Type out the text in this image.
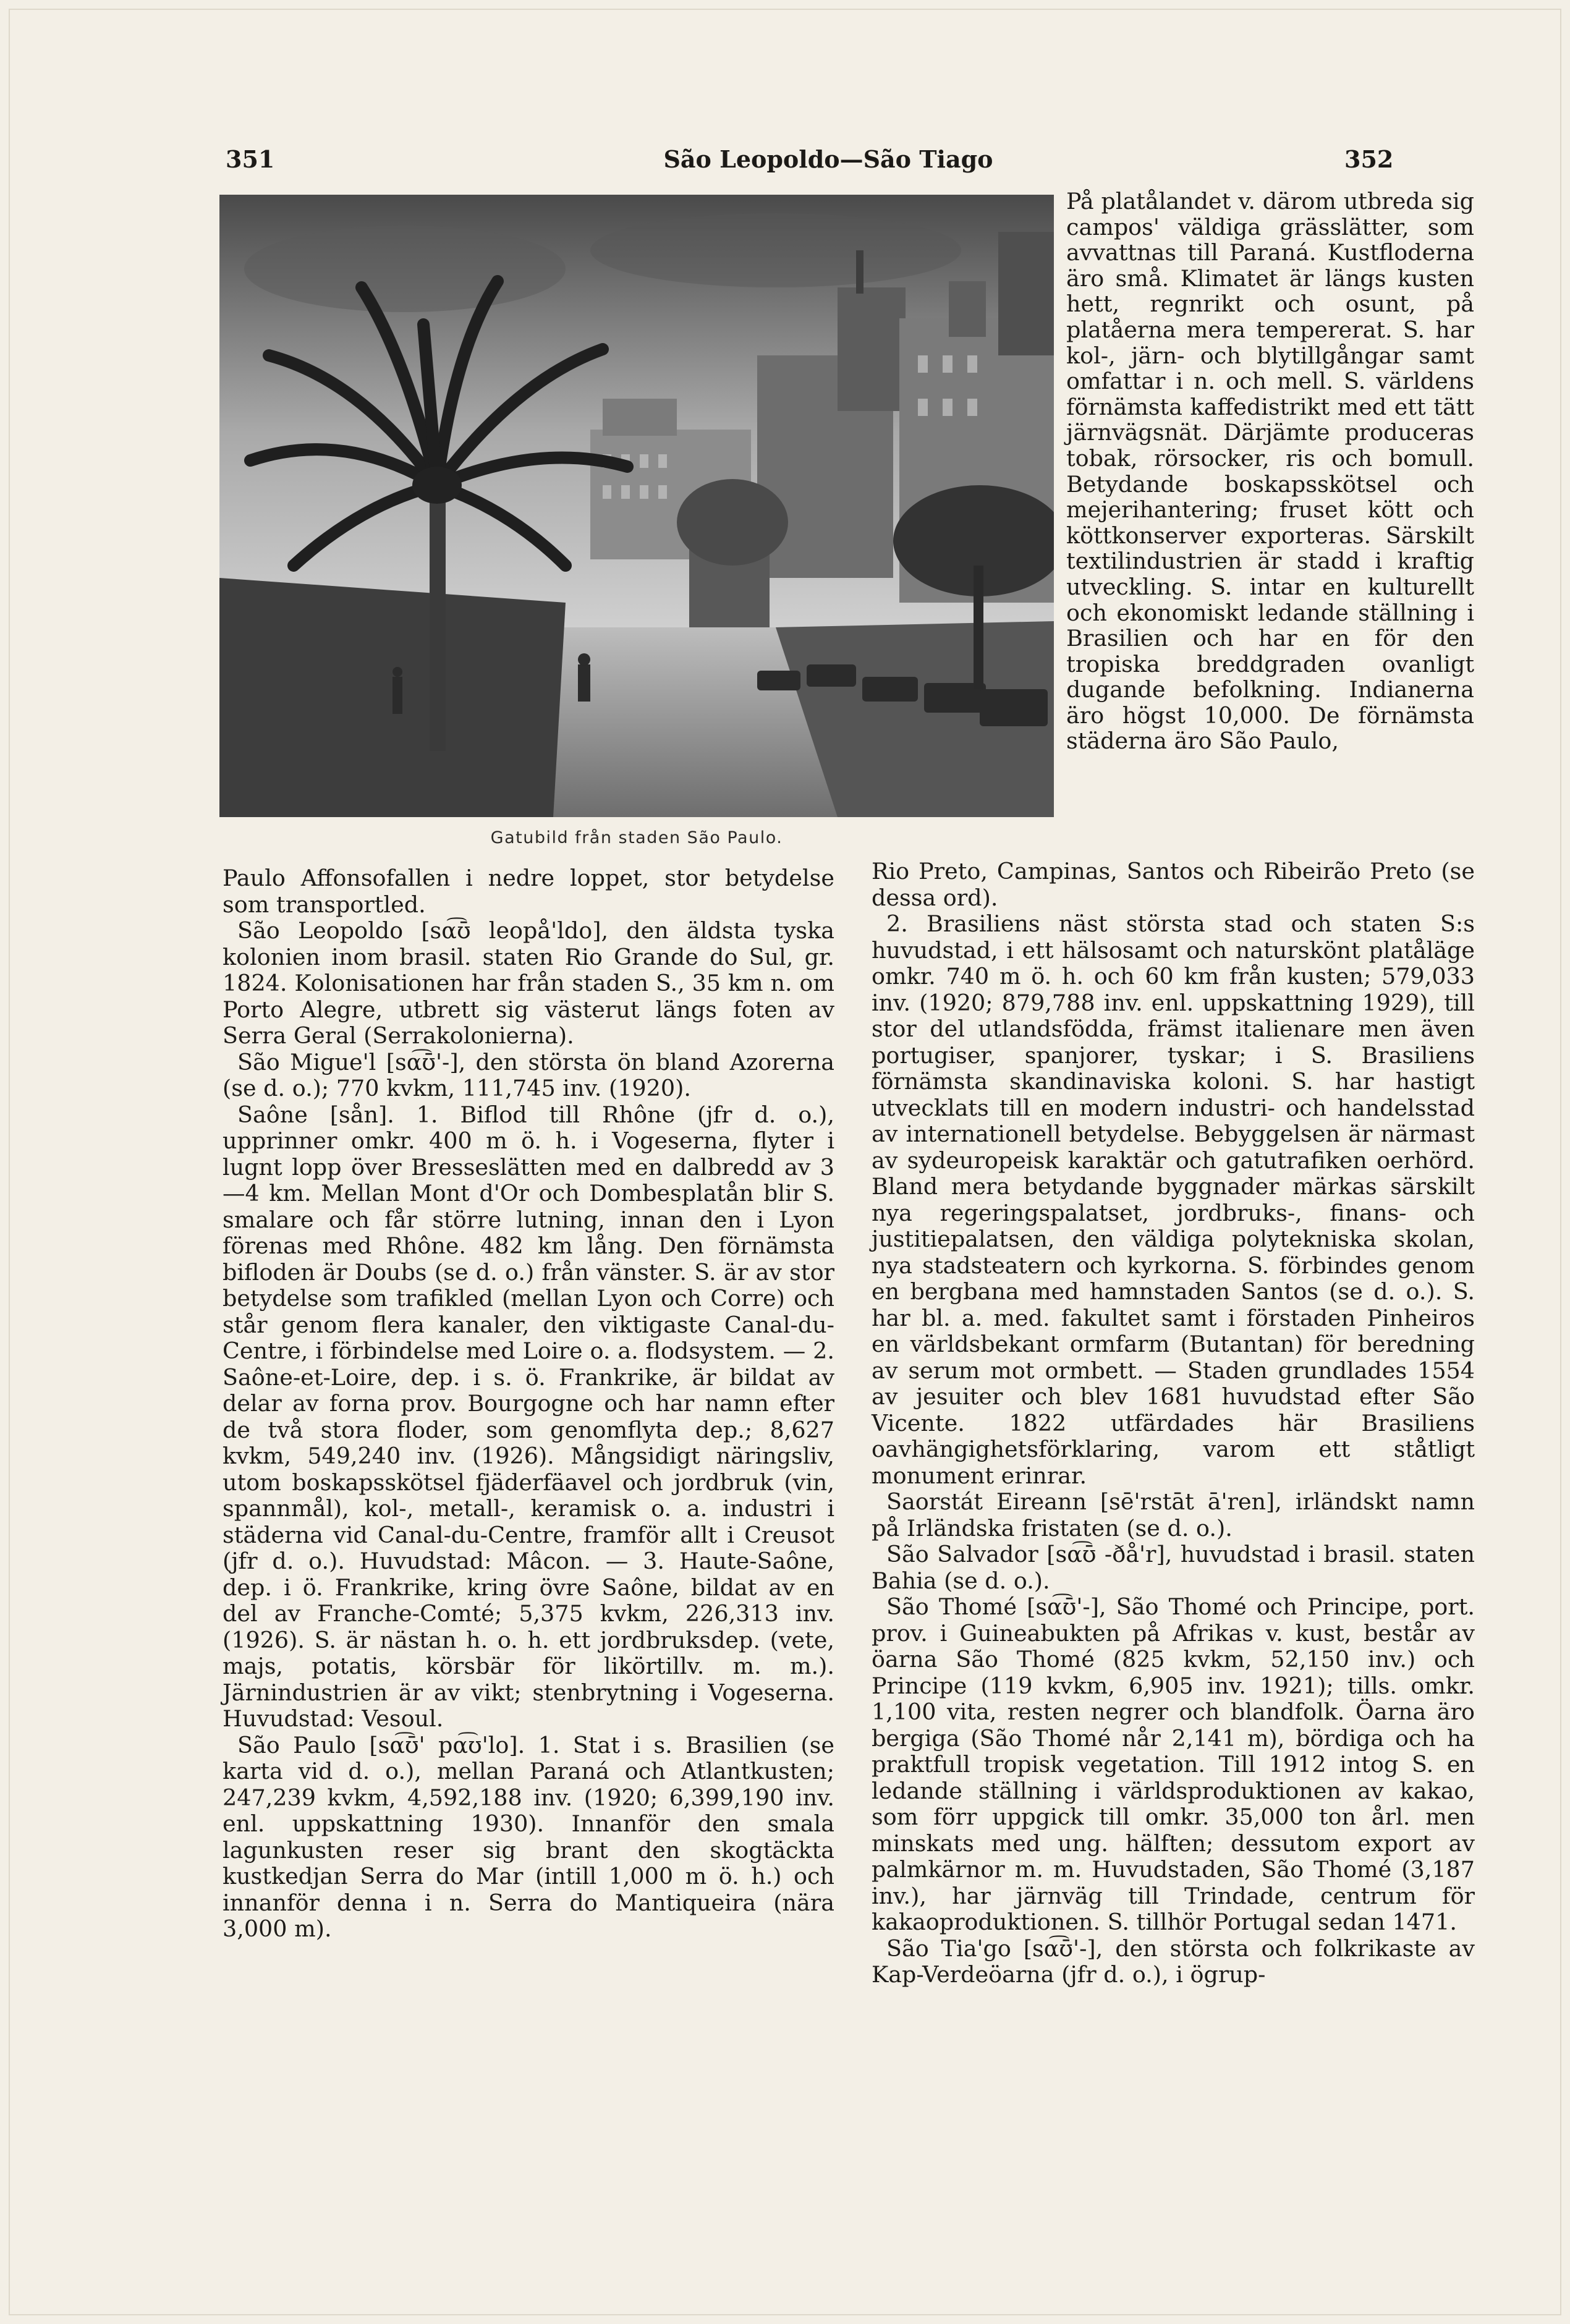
351	São Leopoldo—São Tiago	352
Gatubild från staden São Paulo.

På platålandet v. därom utbreda sig campos' väldiga grässlätter, som avvattnas till Paraná. Kustfloderna äro små. Klimatet är längs kusten hett, regnrikt och osunt, på platåerna mera tempererat. S. har kol-, järn- och blytillgångar samt omfattar i n. och mell. S. världens förnämsta kaffedistrikt med ett tätt järnvägsnät. Därjämte produceras tobak, rörsocker, ris och bomull. Betydande boskapsskötsel och mejerihantering; fruset kött och köttkonserver exporteras. Särskilt textilindustrien är stadd i kraftig utveckling. S. intar en kulturellt och ekonomiskt ledande ställning i Brasilien och har en för den tropiska breddgraden ovanligt dugande befolkning. Indianerna äro högst 10,000. De förnämsta städerna äro São Paulo,

Paulo Affonsofallen i nedre loppet, stor betydelse som transportled.

São Leopoldo [sα͡ʊ̄ leopå'ldo], den äldsta tyska kolonien inom brasil. staten Rio Grande do Sul, gr. 1824. Kolonisationen har från staden S., 35 km n. om Porto Alegre, utbrett sig västerut längs foten av Serra Geral (Serrakolonierna).

São Migue'l [sα͡ʊ̄'-], den största ön bland Azorerna (se d. o.); 770 kvkm, 111,745 inv. (1920).

Saône [sån]. 1. Biflod till Rhône (jfr d. o.), upprinner omkr. 400 m ö. h. i Vogeserna, flyter i lugnt lopp över Bresseslätten med en dalbredd av 3—4 km. Mellan Mont d'Or och Dombesplatån blir S. smalare och får större lutning, innan den i Lyon förenas med Rhône. 482 km lång. Den förnämsta bifloden är Doubs (se d. o.) från vänster. S. är av stor betydelse som trafikled (mellan Lyon och Corre) och står genom flera kanaler, den viktigaste Canal-du-Centre, i förbindelse med Loire o. a. flodsystem. — 2. Saône-et-Loire, dep. i s. ö. Frankrike, är bildat av delar av forna prov. Bourgogne och har namn efter de två stora floder, som genomflyta dep.; 8,627 kvkm, 549,240 inv. (1926). Mångsidigt näringsliv, utom boskapsskötsel fjäderfäavel och jordbruk (vin, spannmål), kol-, metall-, keramisk o. a. industri i städerna vid Canal-du-Centre, framför allt i Creusot (jfr d. o.). Huvudstad: Mâcon. — 3. Haute-Saône, dep. i ö. Frankrike, kring övre Saône, bildat av en del av Franche-Comté; 5,375 kvkm, 226,313 inv. (1926). S. är nästan h. o. h. ett jordbruksdep. (vete, majs, potatis, körsbär för likörtillv. m. m.). Järnindustrien är av vikt; stenbrytning i Vogeserna. Huvudstad: Vesoul.

São Paulo [sα͡ʊ̄' pα͡ʊ'lo]. 1. Stat i s. Brasilien (se karta vid d. o.), mellan Paraná och Atlantkusten; 247,239 kvkm, 4,592,188 inv. (1920; 6,399,190 inv. enl. uppskattning 1930). Innanför den smala lagunkusten reser sig brant den skogtäckta kustkedjan Serra do Mar (intill 1,000 m ö. h.) och innanför denna i n. Serra do Mantiqueira (nära 3,000 m).

Rio Preto, Campinas, Santos och Ribeirão Preto (se dessa ord).

2. Brasiliens näst största stad och staten S:s huvudstad, i ett hälsosamt och naturskönt platåläge omkr. 740 m ö. h. och 60 km från kusten; 579,033 inv. (1920; 879,788 inv. enl. uppskattning 1929), till stor del utlandsfödda, främst italienare men även portugiser, spanjorer, tyskar; i S. Brasiliens förnämsta skandinaviska koloni. S. har hastigt utvecklats till en modern industri- och handelsstad av internationell betydelse. Bebyggelsen är närmast av sydeuropeisk karaktär och gatutrafiken oerhörd. Bland mera betydande byggnader märkas särskilt nya regeringspalatset, jordbruks-, finans- och justitiepalatsen, den väldiga polytekniska skolan, nya stadsteatern och kyrkorna. S. förbindes genom en bergbana med hamnstaden Santos (se d. o.). S. har bl. a. med. fakultet samt i förstaden Pinheiros en världsbekant ormfarm (Butantan) för beredning av serum mot ormbett. — Staden grundlades 1554 av jesuiter och blev 1681 huvudstad efter São Vicente. 1822 utfärdades här Brasiliens oavhängighetsförklaring, varom ett ståtligt monument erinrar.

Saorstát Eireann [sē'rstāt ā'ren], irländskt namn på Irländska fristaten (se d. o.).

São Salvador [sα͡ʊ̄ -ðå'r], huvudstad i brasil. staten Bahia (se d. o.).

São Thomé [sα͡ʊ̄'-], São Thomé och Principe, port. prov. i Guineabukten på Afrikas v. kust, består av öarna São Thomé (825 kvkm, 52,150 inv.) och Principe (119 kvkm, 6,905 inv. 1921); tills. omkr. 1,100 vita, resten negrer och blandfolk. Öarna äro bergiga (São Thomé når 2,141 m), bördiga och ha praktfull tropisk vegetation. Till 1912 intog S. en ledande ställning i världsproduktionen av kakao, som förr uppgick till omkr. 35,000 ton årl. men minskats med ung. hälften; dessutom export av palmkärnor m. m. Huvudstaden, São Thomé (3,187 inv.), har järnväg till Trindade, centrum för kakaoproduktionen. S. tillhör Portugal sedan 1471.

São Tia'go [sα͡ʊ̄'-], den största och folkrikaste av Kap-Verdeöarna (jfr d. o.), i ögrup-
